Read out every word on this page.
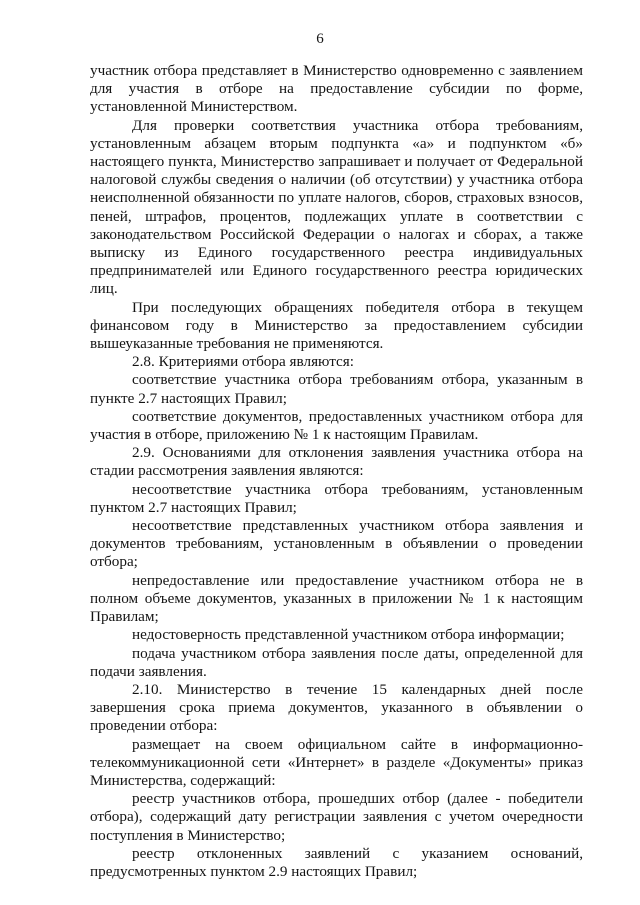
6

участник отбора представляет в Министерство одновременно с заявлением для участия в отборе на предоставление субсидии по форме, установленной Министерством.

Для проверки соответствия участника отбора требованиям, установленным абзацем вторым подпункта «а» и подпунктом «б» настоящего пункта, Министерство запрашивает и получает от Федеральной налоговой службы сведения о наличии (об отсутствии) у участника отбора неисполненной обязанности по уплате налогов, сборов, страховых взносов, пеней, штрафов, процентов, подлежащих уплате в соответствии с законодательством Российской Федерации о налогах и сборах, а также выписку из Единого государственного реестра индивидуальных предпринимателей или Единого государственного реестра юридических лиц.

При последующих обращениях победителя отбора в текущем финансовом году в Министерство за предоставлением субсидии вышеуказанные требования не применяются.

2.8. Критериями отбора являются:

соответствие участника отбора требованиям отбора, указанным в пункте 2.7 настоящих Правил;

соответствие документов, предоставленных участником отбора для участия в отборе, приложению № 1 к настоящим Правилам.

2.9. Основаниями для отклонения заявления участника отбора на стадии рассмотрения заявления являются:

несоответствие участника отбора требованиям, установленным пунктом 2.7 настоящих Правил;

несоответствие представленных участником отбора заявления и документов требованиям, установленным в объявлении о проведении отбора;

непредоставление или предоставление участником отбора не в полном объеме документов, указанных в приложении № 1 к настоящим Правилам;

недостоверность представленной участником отбора информации;

подача участником отбора заявления после даты, определенной для подачи заявления.

2.10. Министерство в течение 15 календарных дней после завершения срока приема документов, указанного в объявлении о проведении отбора:

размещает на своем официальном сайте в информационно-телекоммуникационной сети «Интернет» в разделе «Документы» приказ Министерства, содержащий:

реестр участников отбора, прошедших отбор (далее - победители отбора), содержащий дату регистрации заявления с учетом очередности поступления в Министерство;

реестр отклоненных заявлений с указанием оснований, предусмотренных пунктом 2.9 настоящих Правил;
